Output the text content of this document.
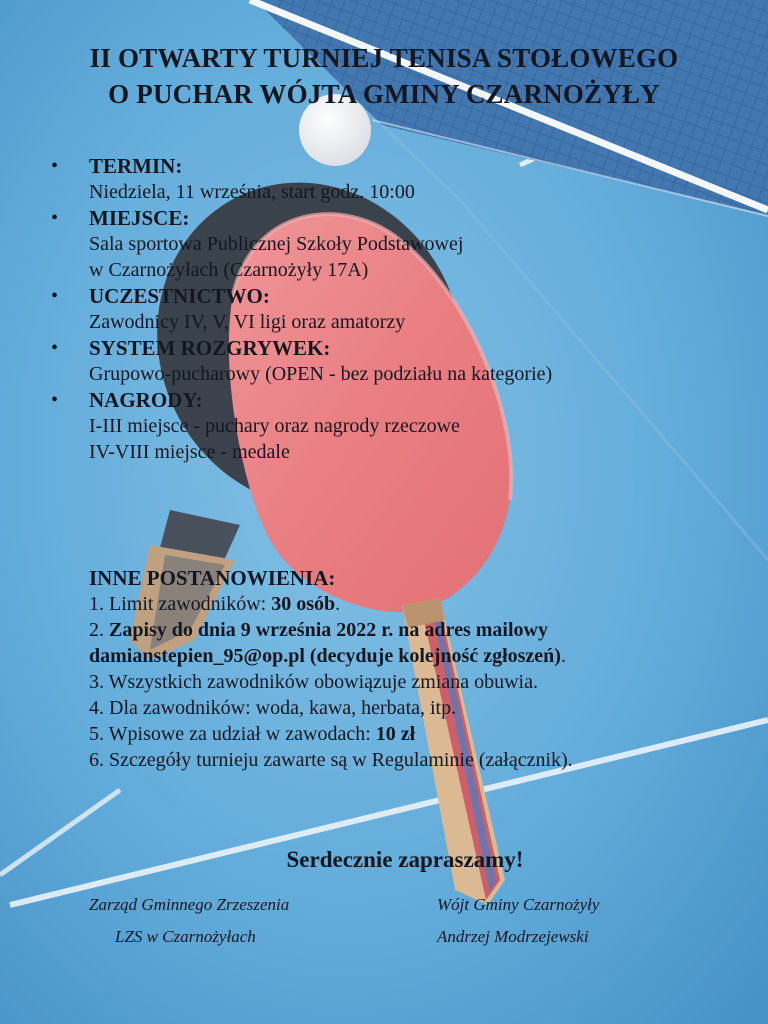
II OTWARTY TURNIEJ TENISA STOŁOWEGO
O PUCHAR WÓJTA GMINY CZARNOŻYŁY
• TERMIN:
Niedziela, 11 września, start godz. 10:00
• MIEJSCE:
Sala sportowa Publicznej Szkoły Podstawowej
w Czarnożyłach (Czarnożyły 17A)
• UCZESTNICTWO:
Zawodnicy IV, V, VI ligi oraz amatorzy
• SYSTEM ROZGRYWEK:
Grupowo-pucharowy (OPEN - bez podziału na kategorie)
• NAGRODY:
I-III miejsce - puchary oraz nagrody rzeczowe
IV-VIII miejsce - medale
INNE POSTANOWIENIA:
1. Limit zawodników: 30 osób.
2. Zapisy do dnia 9 września 2022 r. na adres mailowy
damianstepien_95@op.pl (decyduje kolejność zgłoszeń).
3. Wszystkich zawodników obowiązuje zmiana obuwia.
4. Dla zawodników: woda, kawa, herbata, itp.
5. Wpisowe za udział w zawodach: 10 zł
6. Szczegóły turnieju zawarte są w Regulaminie (załącznik).
Serdecznie zapraszamy!
Zarząd Gminnego Zrzeszenia
LZS w Czarnożyłach
Wójt Gminy Czarnożyły
Andrzej Modrzejewski
